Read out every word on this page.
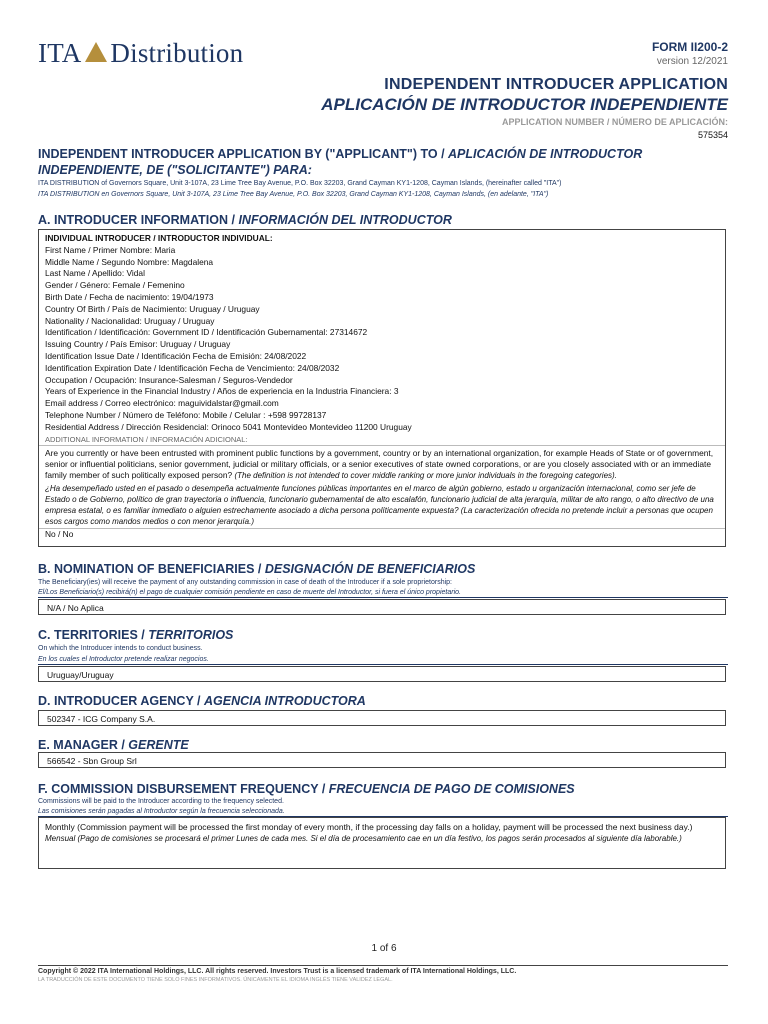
ITA Distribution	FORM II200-2
version 12/2021
INDEPENDENT INTRODUCER APPLICATION
APLICACIÓN DE INTRODUCTOR INDEPENDIENTE
APPLICATION NUMBER / NÚMERO DE APLICACIÓN:
575354
INDEPENDENT INTRODUCER APPLICATION BY ("APPLICANT") TO / APLICACIÓN DE INTRODUCTOR INDEPENDIENTE, DE ("SOLICITANTE") PARA:
ITA DISTRIBUTION of Governors Square, Unit 3-107A, 23 Lime Tree Bay Avenue, P.O. Box 32203, Grand Cayman KY1-1208, Cayman Islands, (hereinafter called "ITA")
ITA DISTRIBUTION en Governors Square, Unit 3-107A, 23 Lime Tree Bay Avenue, P.O. Box 32203, Grand Cayman KY1-1208, Cayman Islands, (en adelante, "ITA")
A. INTRODUCER INFORMATION / INFORMACIÓN DEL INTRODUCTOR
INDIVIDUAL INTRODUCER / INTRODUCTOR INDIVIDUAL:
First Name / Primer Nombre: Maria
Middle Name / Segundo Nombre: Magdalena
Last Name / Apellido: Vidal
Gender / Género: Female / Femenino
Birth Date / Fecha de nacimiento: 19/04/1973
Country Of Birth / País de Nacimiento: Uruguay / Uruguay
Nationality / Nacionalidad: Uruguay / Uruguay
Identification / Identificación: Government ID / Identificación Gubernamental: 27314672
Issuing Country / País Emisor: Uruguay / Uruguay
Identification Issue Date / Identificación Fecha de Emisión: 24/08/2022
Identification Expiration Date / Identificación Fecha de Vencimiento: 24/08/2032
Occupation / Ocupación: Insurance-Salesman / Seguros-Vendedor
Years of Experience in the Financial Industry / Años de experiencia en la Industria Financiera: 3
Email address / Correo electrónico: maguividalstar@gmail.com
Telephone Number / Número de Teléfono: Mobile / Celular : +598 99728137
Residential Address / Dirección Residencial: Orinoco 5041 Montevideo Montevideo 11200 Uruguay
ADDITIONAL INFORMATION / INFORMACIÓN ADICIONAL:
Are you currently or have been entrusted with prominent public functions by a government, country or by an international organization, for example Heads of State or of government, senior or influential politicians, senior government, judicial or military officials, or a senior executives of state owned corporations, or are you closely associated with or an immediate family member of such politically exposed person? (The definition is not intended to cover middle ranking or more junior individuals in the foregoing categories).
¿Ha desempeñado usted en el pasado o desempeña actualmente funciones públicas importantes en el marco de algún gobierno, estado u organización internacional, como ser jefe de Estado o de Gobierno, político de gran trayectoria o influencia, funcionario gubernamental de alto escalafón, funcionario judicial de alta jerarquía, militar de alto rango, o alto directivo de una empresa estatal, o es familiar inmediato o alguien estrechamente asociado a dicha persona políticamente expuesta? (La caracterización ofrecida no pretende incluir a personas que ocupen esos cargos como mandos medios o con menor jerarquía.)
No / No
B. NOMINATION OF BENEFICIARIES / DESIGNACIÓN DE BENEFICIARIOS
The Beneficiary(ies) will receive the payment of any outstanding commission in case of death of the Introducer if a sole proprietorship:
El/Los Beneficiario(s) recibirá(n) el pago de cualquier comisión pendiente en caso de muerte del Introductor, si fuera el único propietario.
N/A / No Aplica
C. TERRITORIES / TERRITORIOS
On which the Introducer intends to conduct business.
En los cuales el Introductor pretende realizar negocios.
Uruguay/Uruguay
D. INTRODUCER AGENCY / AGENCIA INTRODUCTORA
502347 - ICG Company S.A.
E. MANAGER / GERENTE
566542 - Sbn Group Srl
F. COMMISSION DISBURSEMENT FREQUENCY / FRECUENCIA DE PAGO DE COMISIONES
Commissions will be paid to the Introducer according to the frequency selected.
Las comisiones serán pagadas al Introductor según la frecuencia seleccionada.
Monthly (Commission payment will be processed the first monday of every month, if the processing day falls on a holiday, payment will be processed the next business day.)
Mensual (Pago de comisiones se procesará el primer Lunes de cada mes. Si el día de procesamiento cae en un día festivo, los pagos serán procesados al siguiente día laborable.)
1 of 6
Copyright © 2022 ITA International Holdings, LLC. All rights reserved. Investors Trust is a licensed trademark of ITA International Holdings, LLC.
LA TRADUCCIÓN DE ESTE DOCUMENTO TIENE SOLO FINES INFORMATIVOS. ÚNICAMENTE EL IDIOMA INGLÉS TIENE VALIDEZ LEGAL.
